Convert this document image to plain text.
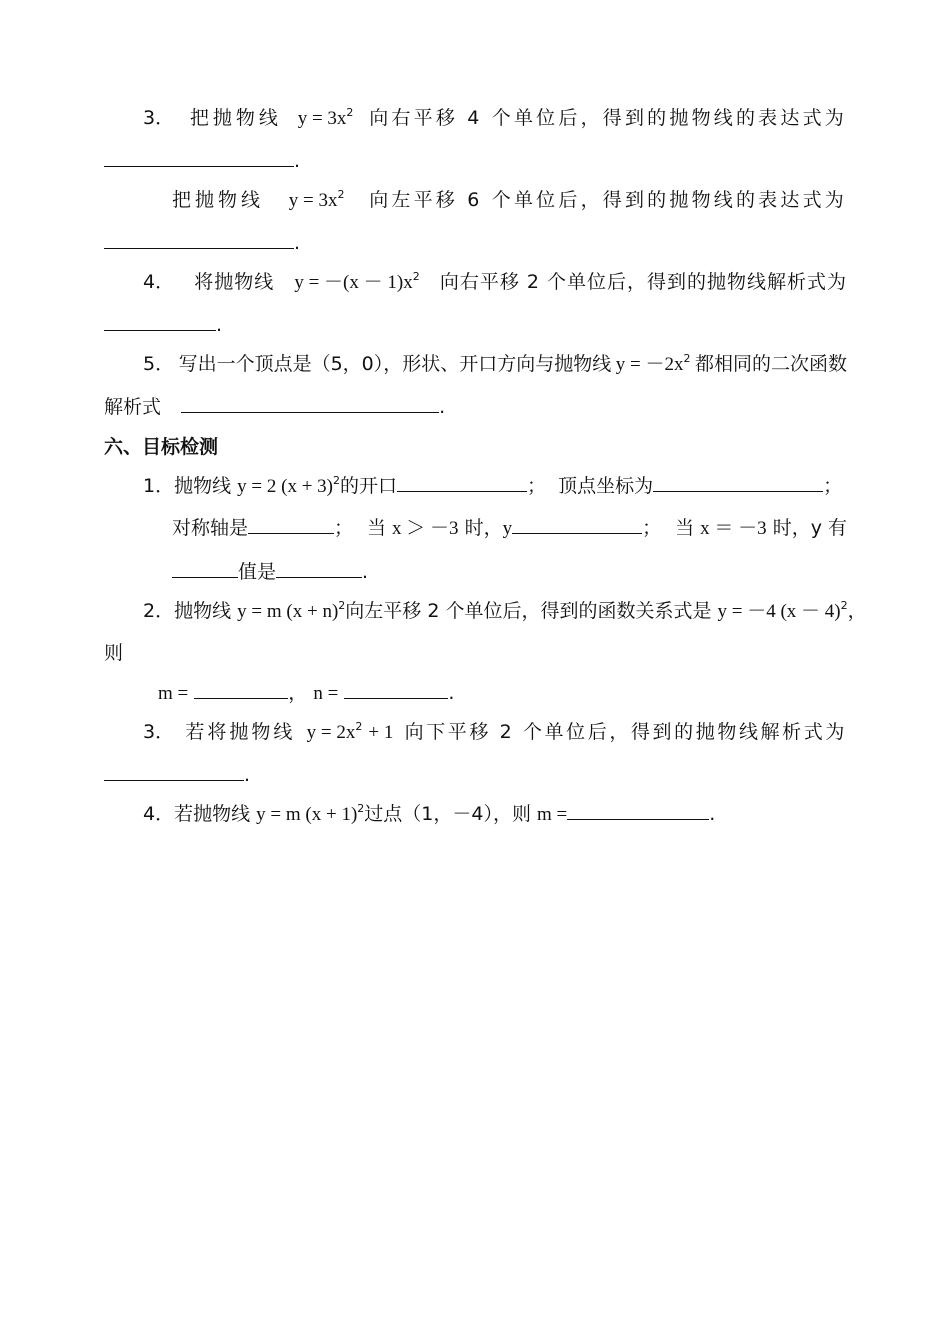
3． 把抛物线 $y = 3x^2$ 向右平移 4 个单位后，得到的抛物线的表达式为
.
把抛物线 $y = 3x^2$ 向左平移 6 个单位后，得到的抛物线的表达式为
.
4． 将抛物线 $y = -(x - 1)x^2$ 向右平移 2 个单位后，得到的抛物线解析式为
.
5． 写出一个顶点是（5，0），形状、开口方向与抛物线 $y = -2x^2$ 都相同的二次函数
解析式	.
六、目标检测
1．抛物线 y = 2 $(x + 3)^2$的开口	； 顶点坐标为	；
对称轴是	； 当 x ＞ －3 时，y	； 当 x ＝ －3 时，y 有
值是	.
2．抛物线 y = m $(x + n)^2$向左平移 2 个单位后，得到的函数关系式是 y = －4 $(x - 4)^2$，
则
m =	， n =	.
3． 若将抛物线 $y = 2x^2 + 1$ 向下平移 2 个单位后，得到的抛物线解析式为
.
4．若抛物线 y = m $(x + 1)^2$过点（1，－4），则 m =	.
